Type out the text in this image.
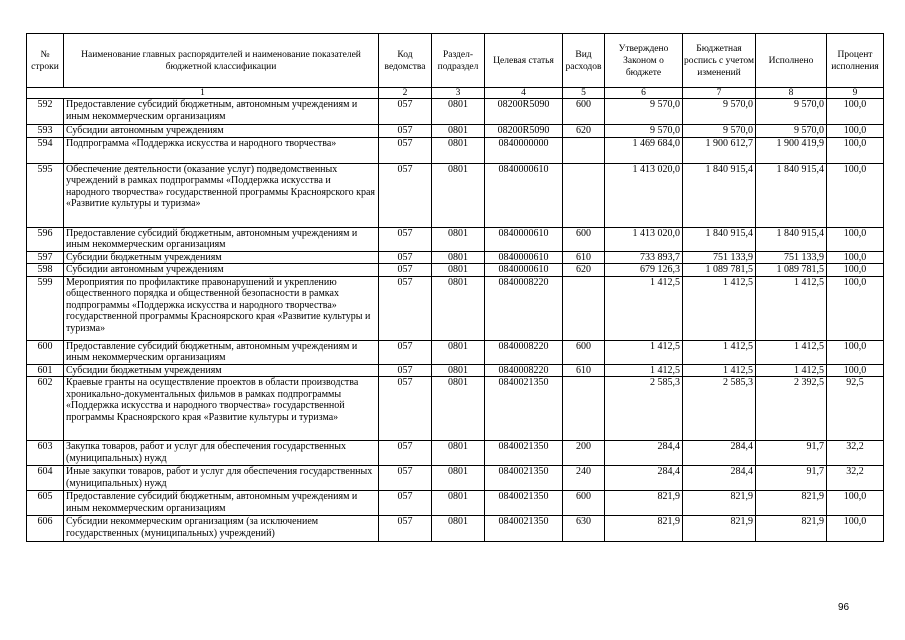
№ строки	Наименование главных распорядителей и наименование показателей бюджетной классификации	Код ведомства	Раздел-подраздел	Целевая статья	Вид расходов	Утверждено Законом о бюджете	Бюджетная роспись с учетом изменений	Исполнено	Процент исполнения
1		2	3	4	5	6	7	8	9
592	Предоставление субсидий бюджетным, автономным учреждениям и иным некоммерческим организациям	057	0801	08200R5090	600	9 570,0	9 570,0	9 570,0	100,0
593	Субсидии автономным учреждениям	057	0801	08200R5090	620	9 570,0	9 570,0	9 570,0	100,0
594	Подпрограмма «Поддержка искусства и народного творчества»	057	0801	0840000000		1 469 684,0	1 900 612,7	1 900 419,9	100,0
595	Обеспечение деятельности (оказание услуг) подведомственных учреждений в рамках подпрограммы «Поддержка искусства и народного творчества» государственной программы Красноярского края «Развитие культуры и туризма»	057	0801	0840000610		1 413 020,0	1 840 915,4	1 840 915,4	100,0
596	Предоставление субсидий бюджетным, автономным учреждениям и иным некоммерческим организациям	057	0801	0840000610	600	1 413 020,0	1 840 915,4	1 840 915,4	100,0
597	Субсидии бюджетным учреждениям	057	0801	0840000610	610	733 893,7	751 133,9	751 133,9	100,0
598	Субсидии автономным учреждениям	057	0801	0840000610	620	679 126,3	1 089 781,5	1 089 781,5	100,0
599	Мероприятия по профилактике правонарушений и укреплению общественного порядка и общественной безопасности в рамках подпрограммы «Поддержка искусства и народного творчества» государственной программы Красноярского края «Развитие культуры и туризма»	057	0801	0840008220		1 412,5	1 412,5	1 412,5	100,0
600	Предоставление субсидий бюджетным, автономным учреждениям и иным некоммерческим организациям	057	0801	0840008220	600	1 412,5	1 412,5	1 412,5	100,0
601	Субсидии бюджетным учреждениям	057	0801	0840008220	610	1 412,5	1 412,5	1 412,5	100,0
602	Краевые гранты на осуществление проектов в области производства хроникально-документальных фильмов в рамках подпрограммы «Поддержка искусства и народного творчества» государственной программы Красноярского края «Развитие культуры и туризма»	057	0801	0840021350		2 585,3	2 585,3	2 392,5	92,5
603	Закупка товаров, работ и услуг для обеспечения государственных (муниципальных) нужд	057	0801	0840021350	200	284,4	284,4	91,7	32,2
604	Иные закупки товаров, работ и услуг для обеспечения государственных (муниципальных) нужд	057	0801	0840021350	240	284,4	284,4	91,7	32,2
605	Предоставление субсидий бюджетным, автономным учреждениям и иным некоммерческим организациям	057	0801	0840021350	600	821,9	821,9	821,9	100,0
606	Субсидии некоммерческим организациям (за исключением государственных (муниципальных) учреждений)	057	0801	0840021350	630	821,9	821,9	821,9	100,0
96
